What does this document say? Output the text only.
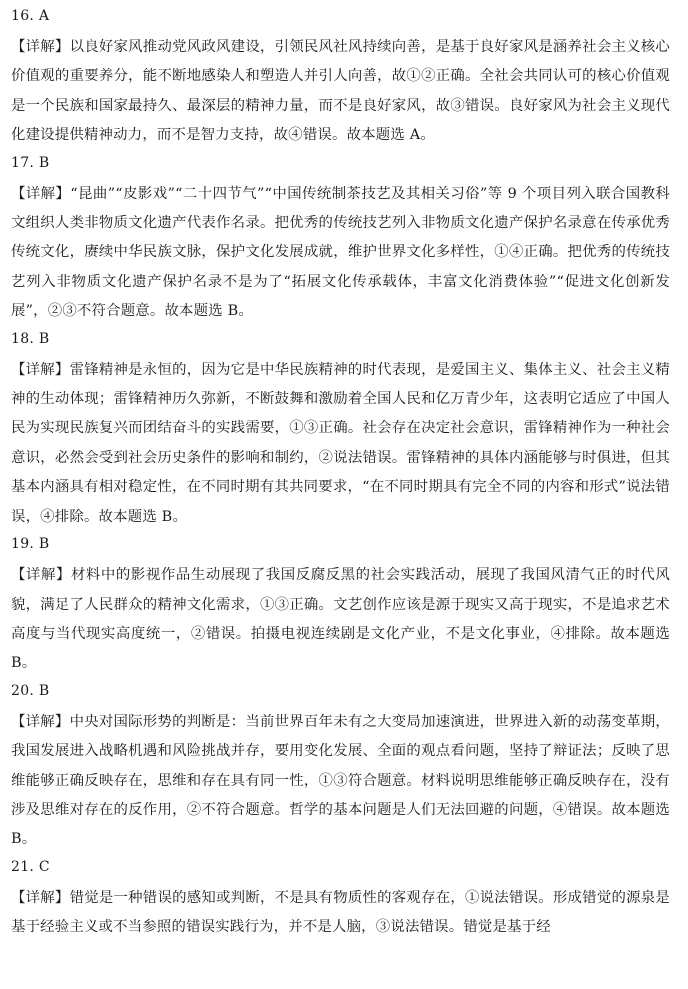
16. A

【详解】以良好家风推动党风政风建设，引领民风社风持续向善，是基于良好家风是涵养社会主义核心价值观的重要养分，能不断地感染人和塑造人并引人向善，故①②正确。全社会共同认可的核心价值观是一个民族和国家最持久、最深层的精神力量，而不是良好家风，故③错误。良好家风为社会主义现代化建设提供精神动力，而不是智力支持，故④错误。故本题选 A。

17. B

【详解】“昆曲”“皮影戏”“二十四节气”“中国传统制茶技艺及其相关习俗”等 9 个项目列入联合国教科文组织人类非物质文化遗产代表作名录。把优秀的传统技艺列入非物质文化遗产保护名录意在传承优秀传统文化，赓续中华民族文脉，保护文化发展成就，维护世界文化多样性，①④正确。把优秀的传统技艺列入非物质文化遗产保护名录不是为了“拓展文化传承载体，丰富文化消费体验”“促进文化创新发展”，②③不符合题意。故本题选 B。

18. B

【详解】雷锋精神是永恒的，因为它是中华民族精神的时代表现，是爱国主义、集体主义、社会主义精神的生动体现；雷锋精神历久弥新，不断鼓舞和激励着全国人民和亿万青少年，这表明它适应了中国人民为实现民族复兴而团结奋斗的实践需要，①③正确。社会存在决定社会意识，雷锋精神作为一种社会意识，必然会受到社会历史条件的影响和制约，②说法错误。雷锋精神的具体内涵能够与时俱进，但其基本内涵具有相对稳定性，在不同时期有其共同要求，“在不同时期具有完全不同的内容和形式”说法错误，④排除。故本题选 B。

19. B

【详解】材料中的影视作品生动展现了我国反腐反黑的社会实践活动，展现了我国风清气正的时代风貌，满足了人民群众的精神文化需求，①③正确。文艺创作应该是源于现实又高于现实，不是追求艺术高度与当代现实高度统一，②错误。拍摄电视连续剧是文化产业，不是文化事业，④排除。故本题选 B。

20. B

【详解】中央对国际形势的判断是：当前世界百年未有之大变局加速演进，世界进入新的动荡变革期，我国发展进入战略机遇和风险挑战并存，要用变化发展、全面的观点看问题，坚持了辩证法；反映了思维能够正确反映存在，思维和存在具有同一性，①③符合题意。材料说明思维能够正确反映存在，没有涉及思维对存在的反作用，②不符合题意。哲学的基本问题是人们无法回避的问题，④错误。故本题选 B。

21. C

【详解】错觉是一种错误的感知或判断，不是具有物质性的客观存在，①说法错误。形成错觉的源泉是基于经验主义或不当参照的错误实践行为，并不是人脑，③说法错误。错觉是基于经
